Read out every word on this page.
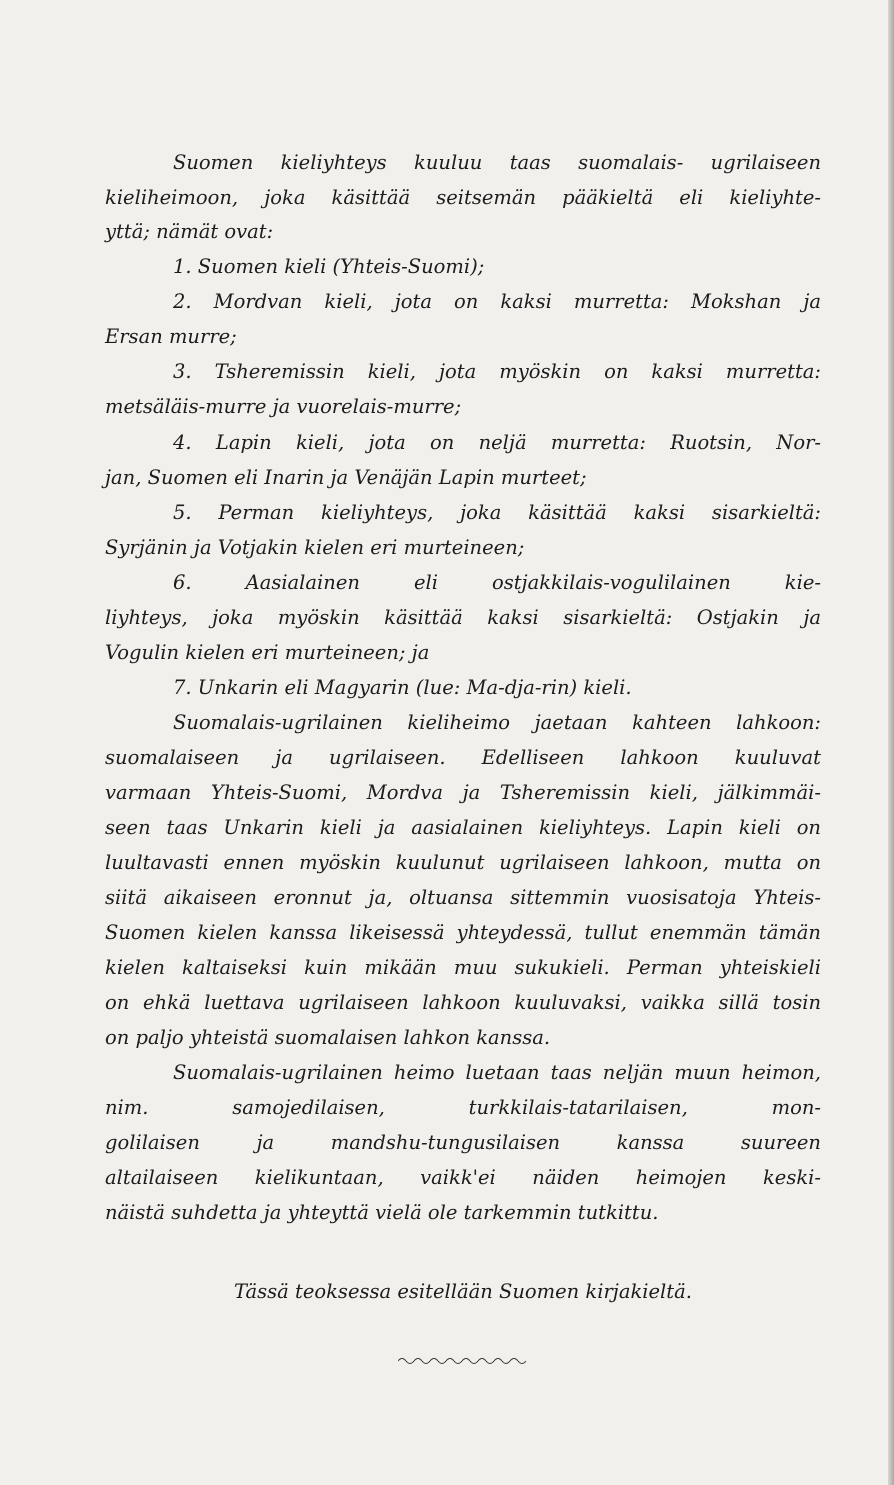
Suomen kieliyhteys kuuluu taas suomalais- ugrilaiseen
kieliheimoon, joka käsittää seitsemän pääkieltä eli kieliyhte-
yttä; nämät ovat:
1. Suomen kieli (Yhteis-Suomi);
2. Mordvan kieli, jota on kaksi murretta: Mokshan ja
Ersan murre;
3. Tsheremissin kieli, jota myöskin on kaksi murretta:
metsäläis-murre ja vuorelais-murre;
4. Lapin kieli, jota on neljä murretta: Ruotsin, Nor-
jan, Suomen eli Inarin ja Venäjän Lapin murteet;
5. Perman kieliyhteys, joka käsittää kaksi sisarkieltä:
Syrjänin ja Votjakin kielen eri murteineen;
6. Aasialainen eli ostjakkilais-vogulilainen kie-
liyhteys, joka myöskin käsittää kaksi sisarkieltä: Ostjakin ja
Vogulin kielen eri murteineen; ja
7. Unkarin eli Magyarin (lue: Ma-dja-rin) kieli.
Suomalais-ugrilainen kieliheimo jaetaan kahteen lahkoon:
suomalaiseen ja ugrilaiseen. Edelliseen lahkoon kuuluvat
varmaan Yhteis-Suomi, Mordva ja Tsheremissin kieli, jälkimmäi-
seen taas Unkarin kieli ja aasialainen kieliyhteys. Lapin kieli on
luultavasti ennen myöskin kuulunut ugrilaiseen lahkoon, mutta on
siitä aikaiseen eronnut ja, oltuansa sittemmin vuosisatoja Yhteis-
Suomen kielen kanssa likeisessä yhteydessä, tullut enemmän tämän
kielen kaltaiseksi kuin mikään muu sukukieli. Perman yhteiskieli
on ehkä luettava ugrilaiseen lahkoon kuuluvaksi, vaikka sillä tosin
on paljo yhteistä suomalaisen lahkon kanssa.
Suomalais-ugrilainen heimo luetaan taas neljän muun heimon,
nim. samojedilaisen, turkkilais-tatarilaisen, mon-
golilaisen ja mandshu-tungusilaisen kanssa suureen
altailaiseen kielikuntaan, vaikk'ei näiden heimojen keski-
näistä suhdetta ja yhteyttä vielä ole tarkemmin tutkittu.
Tässä teoksessa esitellään Suomen kirjakieltä.
